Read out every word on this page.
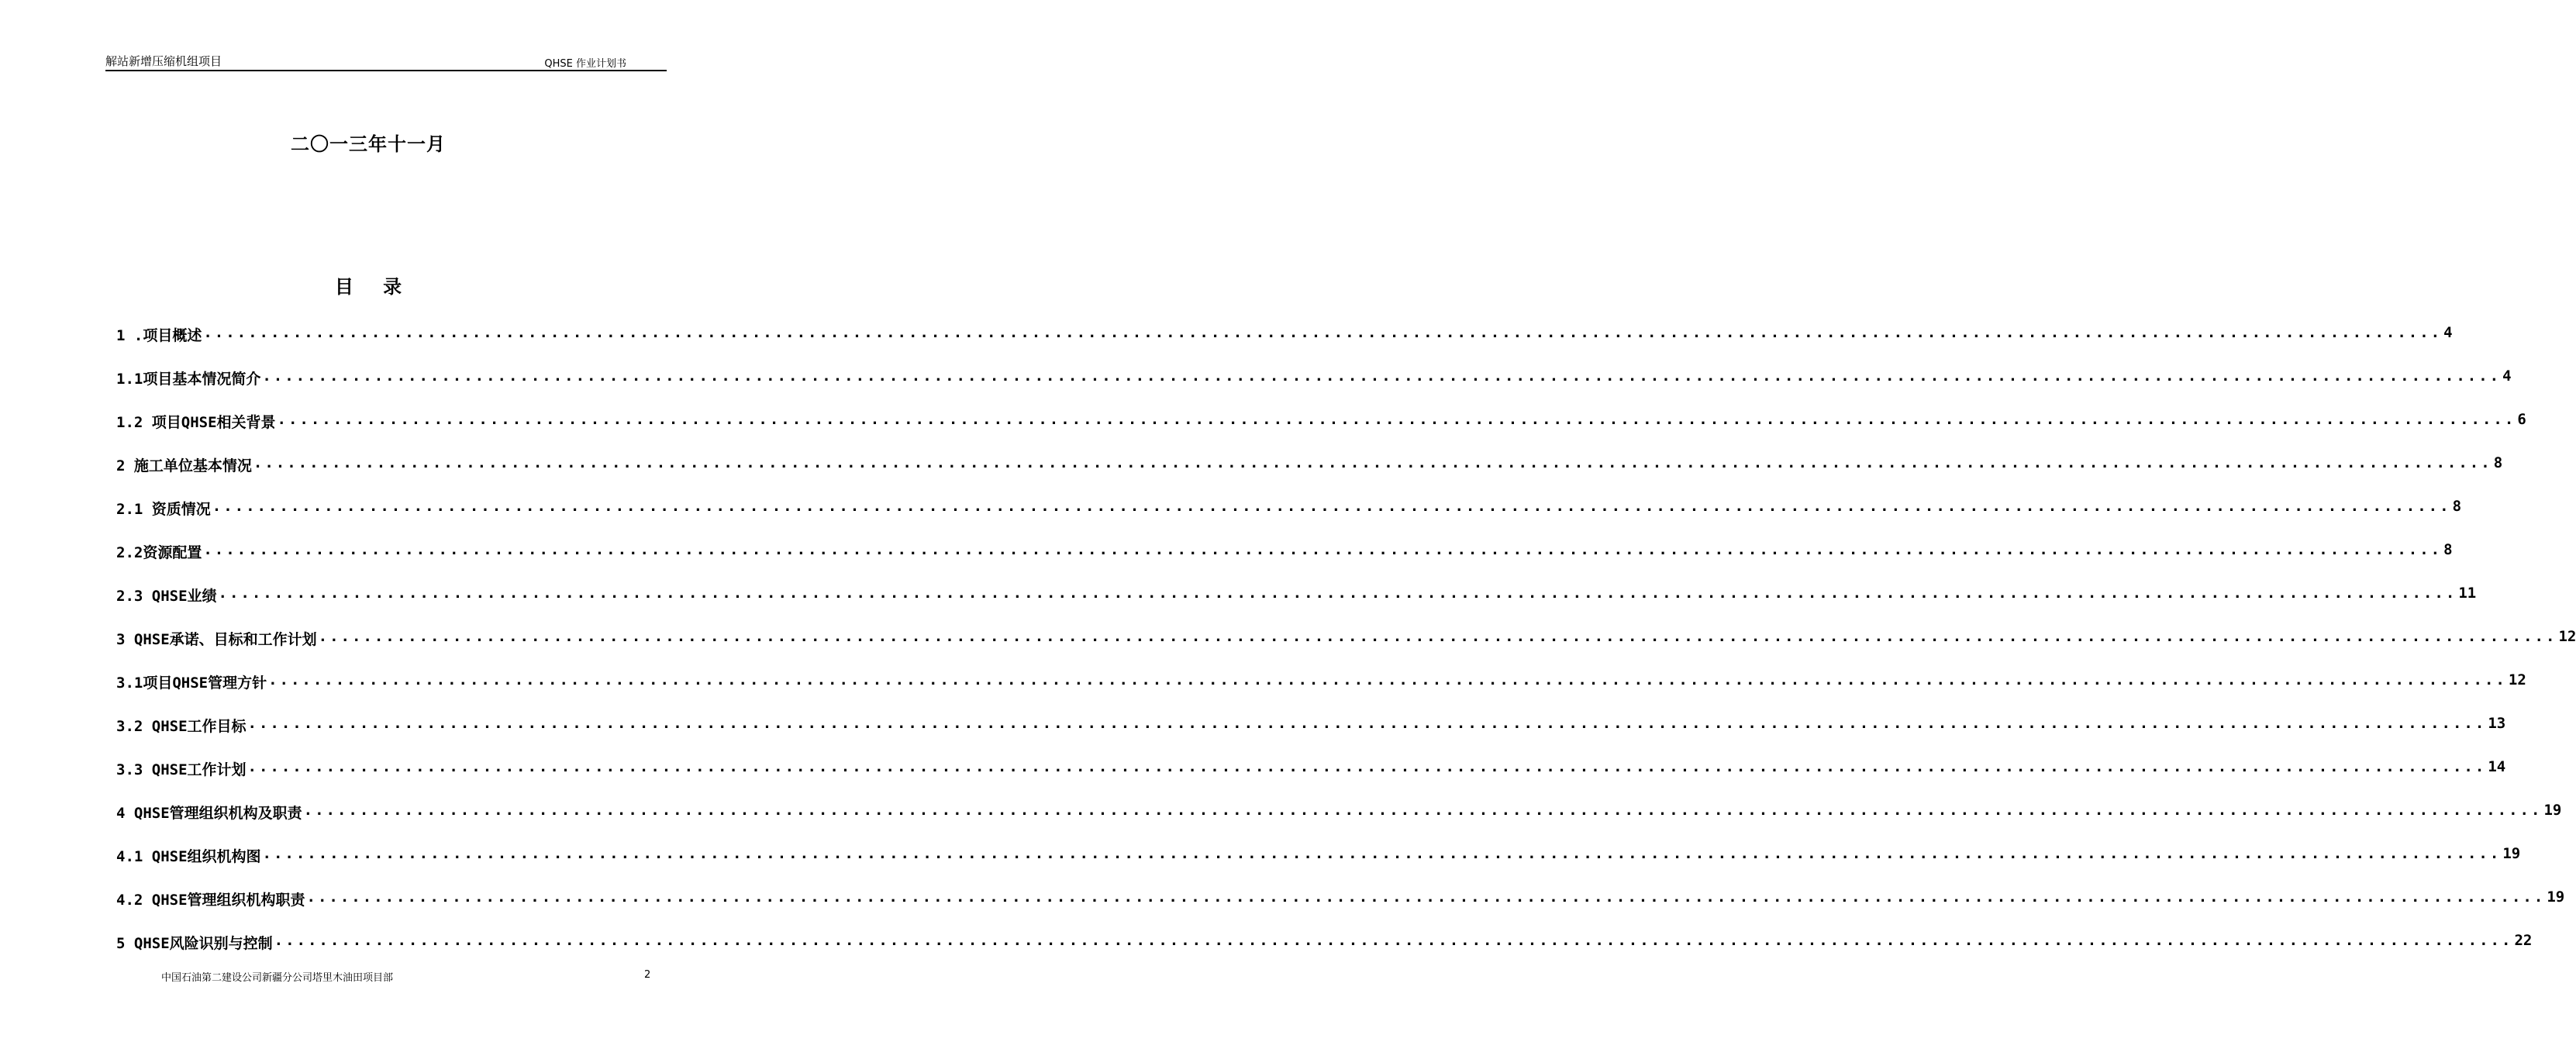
解站新增压缩机组项目	QHSE 作业计划书
二〇一三年十一月
目 录
1 .项目概述 ........................................................................................................................................................................................................ 4
1.1项目基本情况简介 ........................................................................................................................................................................................................ 4
1.2 项目QHSE相关背景 ........................................................................................................................................................................................................ 6
2 施工单位基本情况 ........................................................................................................................................................................................................ 8
2.1 资质情况 ........................................................................................................................................................................................................ 8
2.2资源配置 ........................................................................................................................................................................................................ 8
2.3 QHSE业绩 ........................................................................................................................................................................................................ 11
3 QHSE承诺、目标和工作计划 ........................................................................................................................................................................................................ 12
3.1项目QHSE管理方针 ........................................................................................................................................................................................................ 12
3.2 QHSE工作目标 ........................................................................................................................................................................................................ 13
3.3 QHSE工作计划 ........................................................................................................................................................................................................ 14
4 QHSE管理组织机构及职责 ........................................................................................................................................................................................................ 19
4.1 QHSE组织机构图 ........................................................................................................................................................................................................ 19
4.2 QHSE管理组织机构职责 ........................................................................................................................................................................................................ 19
5 QHSE风险识别与控制 ........................................................................................................................................................................................................ 22
中国石油第二建设公司新疆分公司塔里木油田项目部	2
